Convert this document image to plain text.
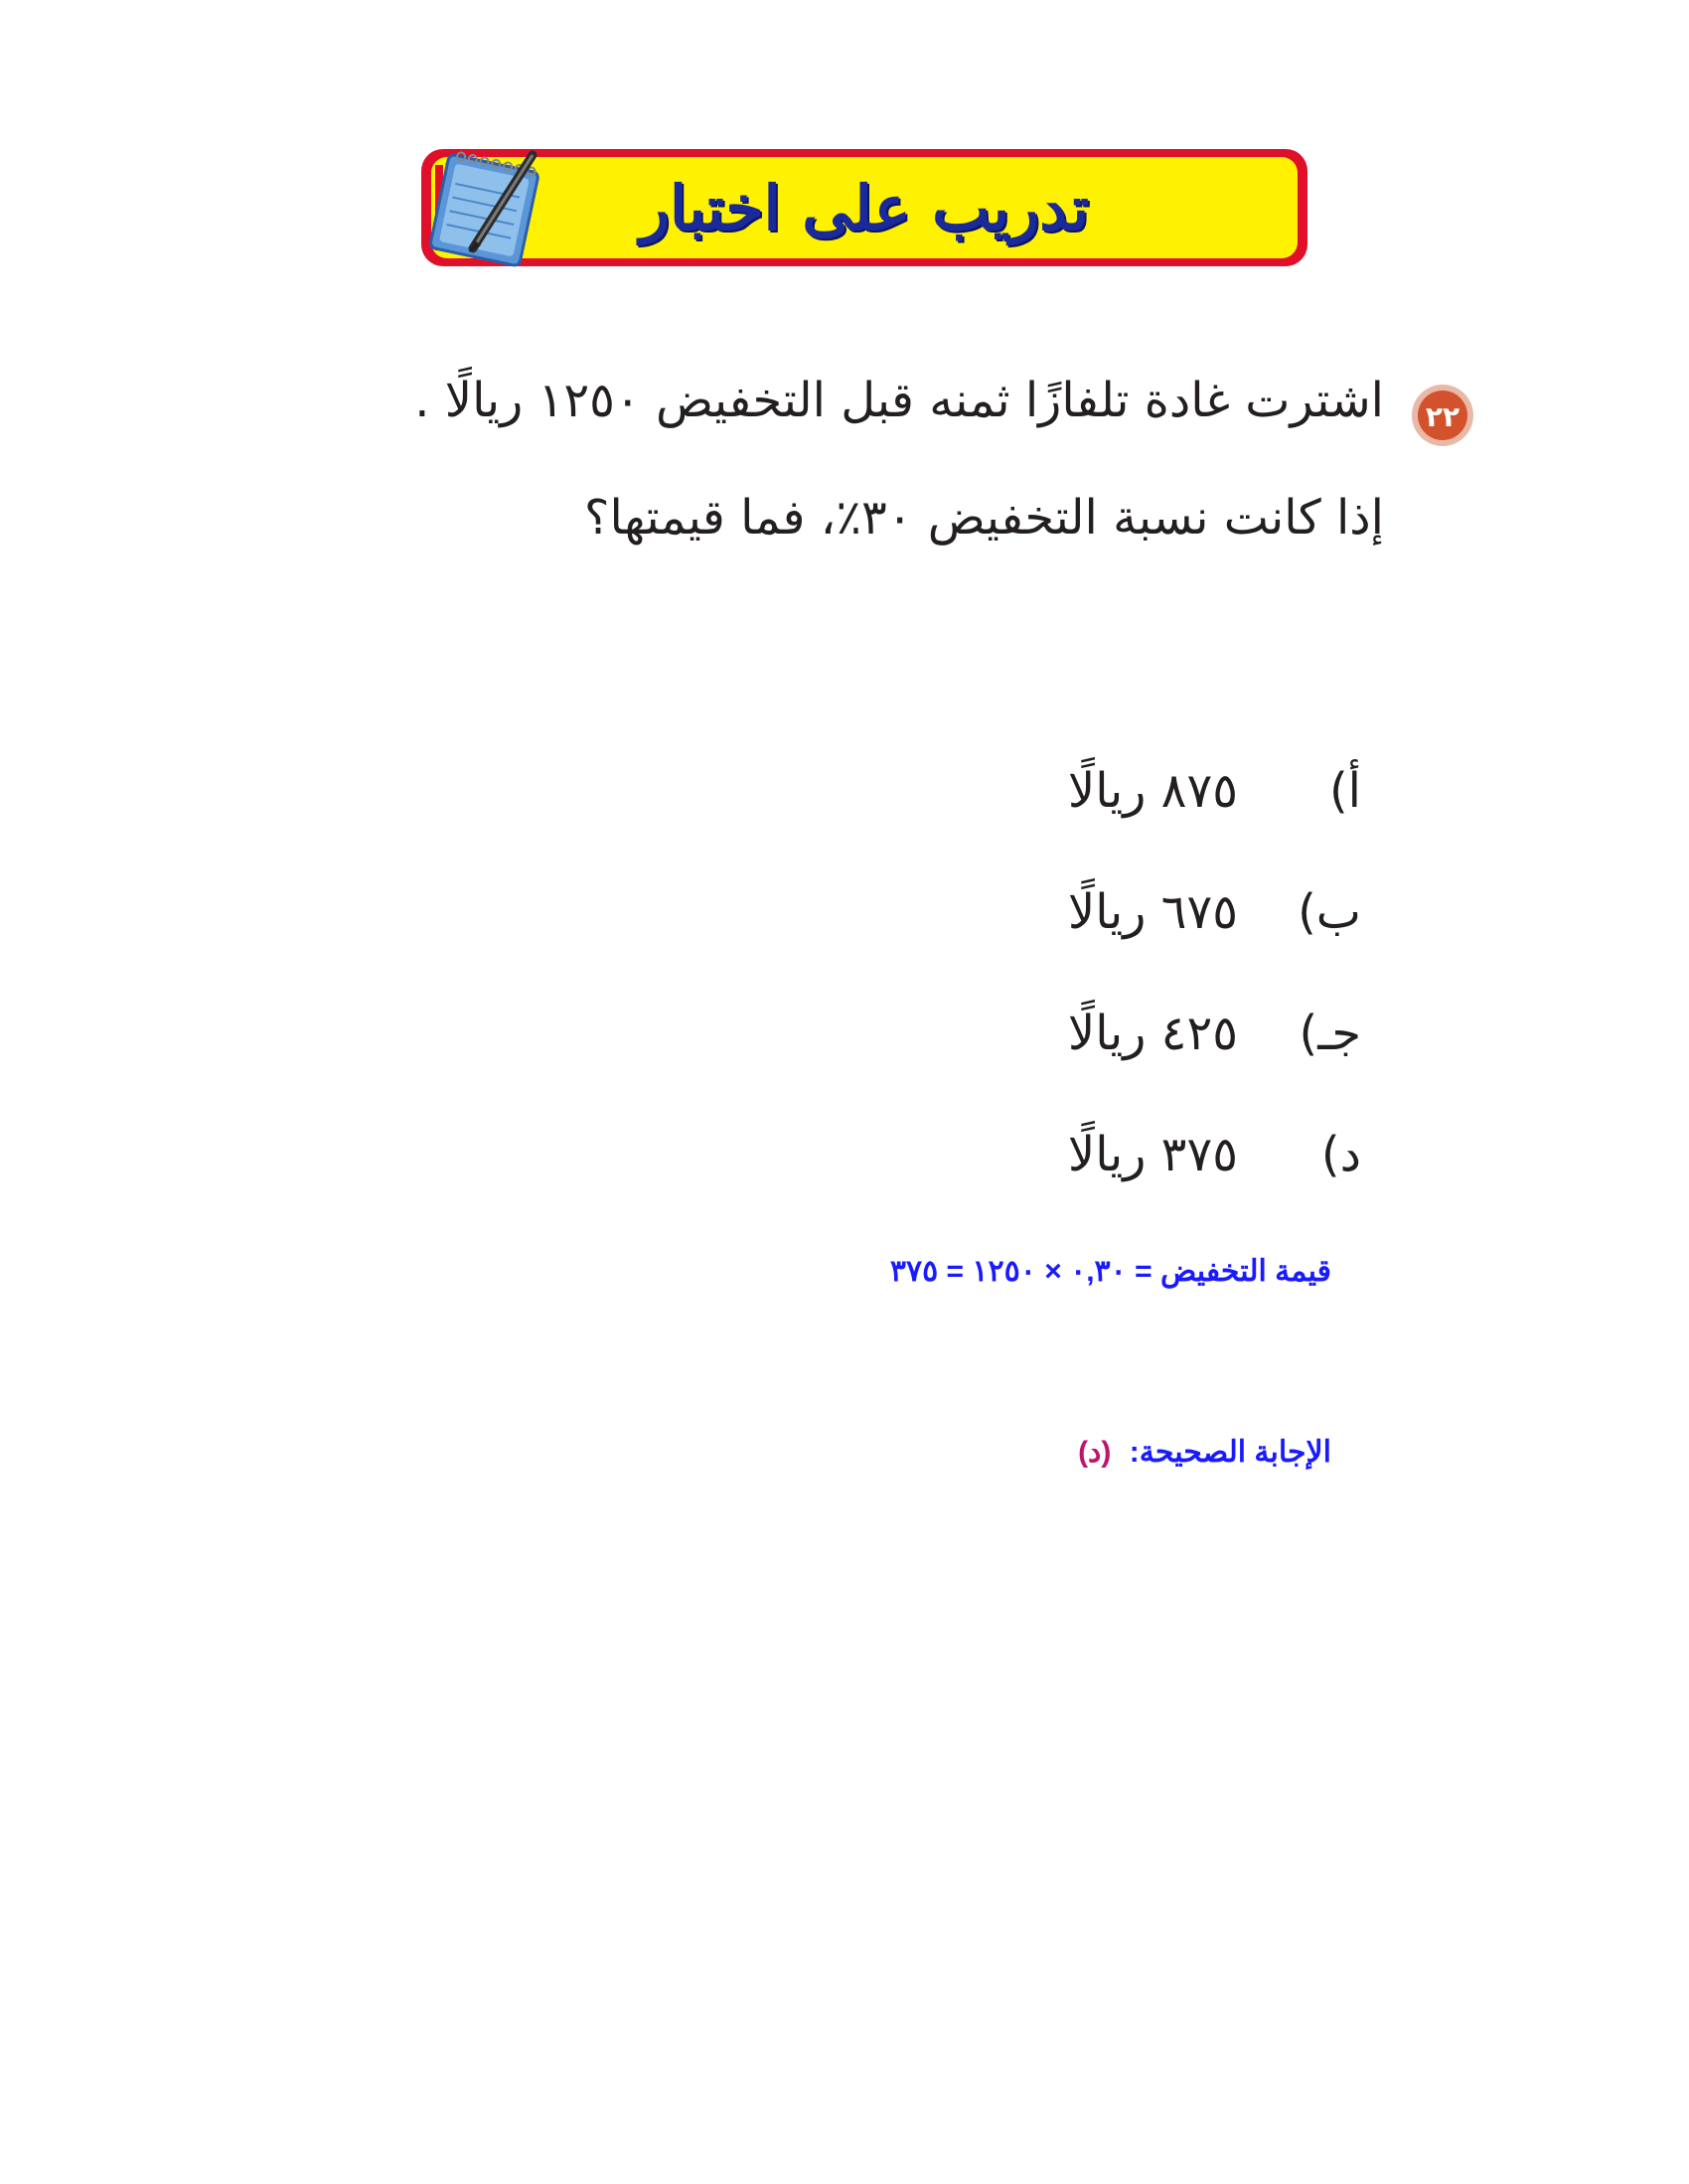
تدريب على اختبار
٢٢
اشترت غادة تلفازًا ثمنه قبل التخفيض ١٢٥٠ ريالًا .
إذا كانت نسبة التخفيض ٣٠٪، فما قيمتها؟
أ)
٨٧٥ ريالًا
ب)
٦٧٥ ريالًا
جـ)
٤٢٥ ريالًا
د)
٣٧٥ ريالًا
قيمة التخفيض = ٠,٣٠ × ١٢٥٠ = ٣٧٥
الإجابة الصحيحة: (د)
